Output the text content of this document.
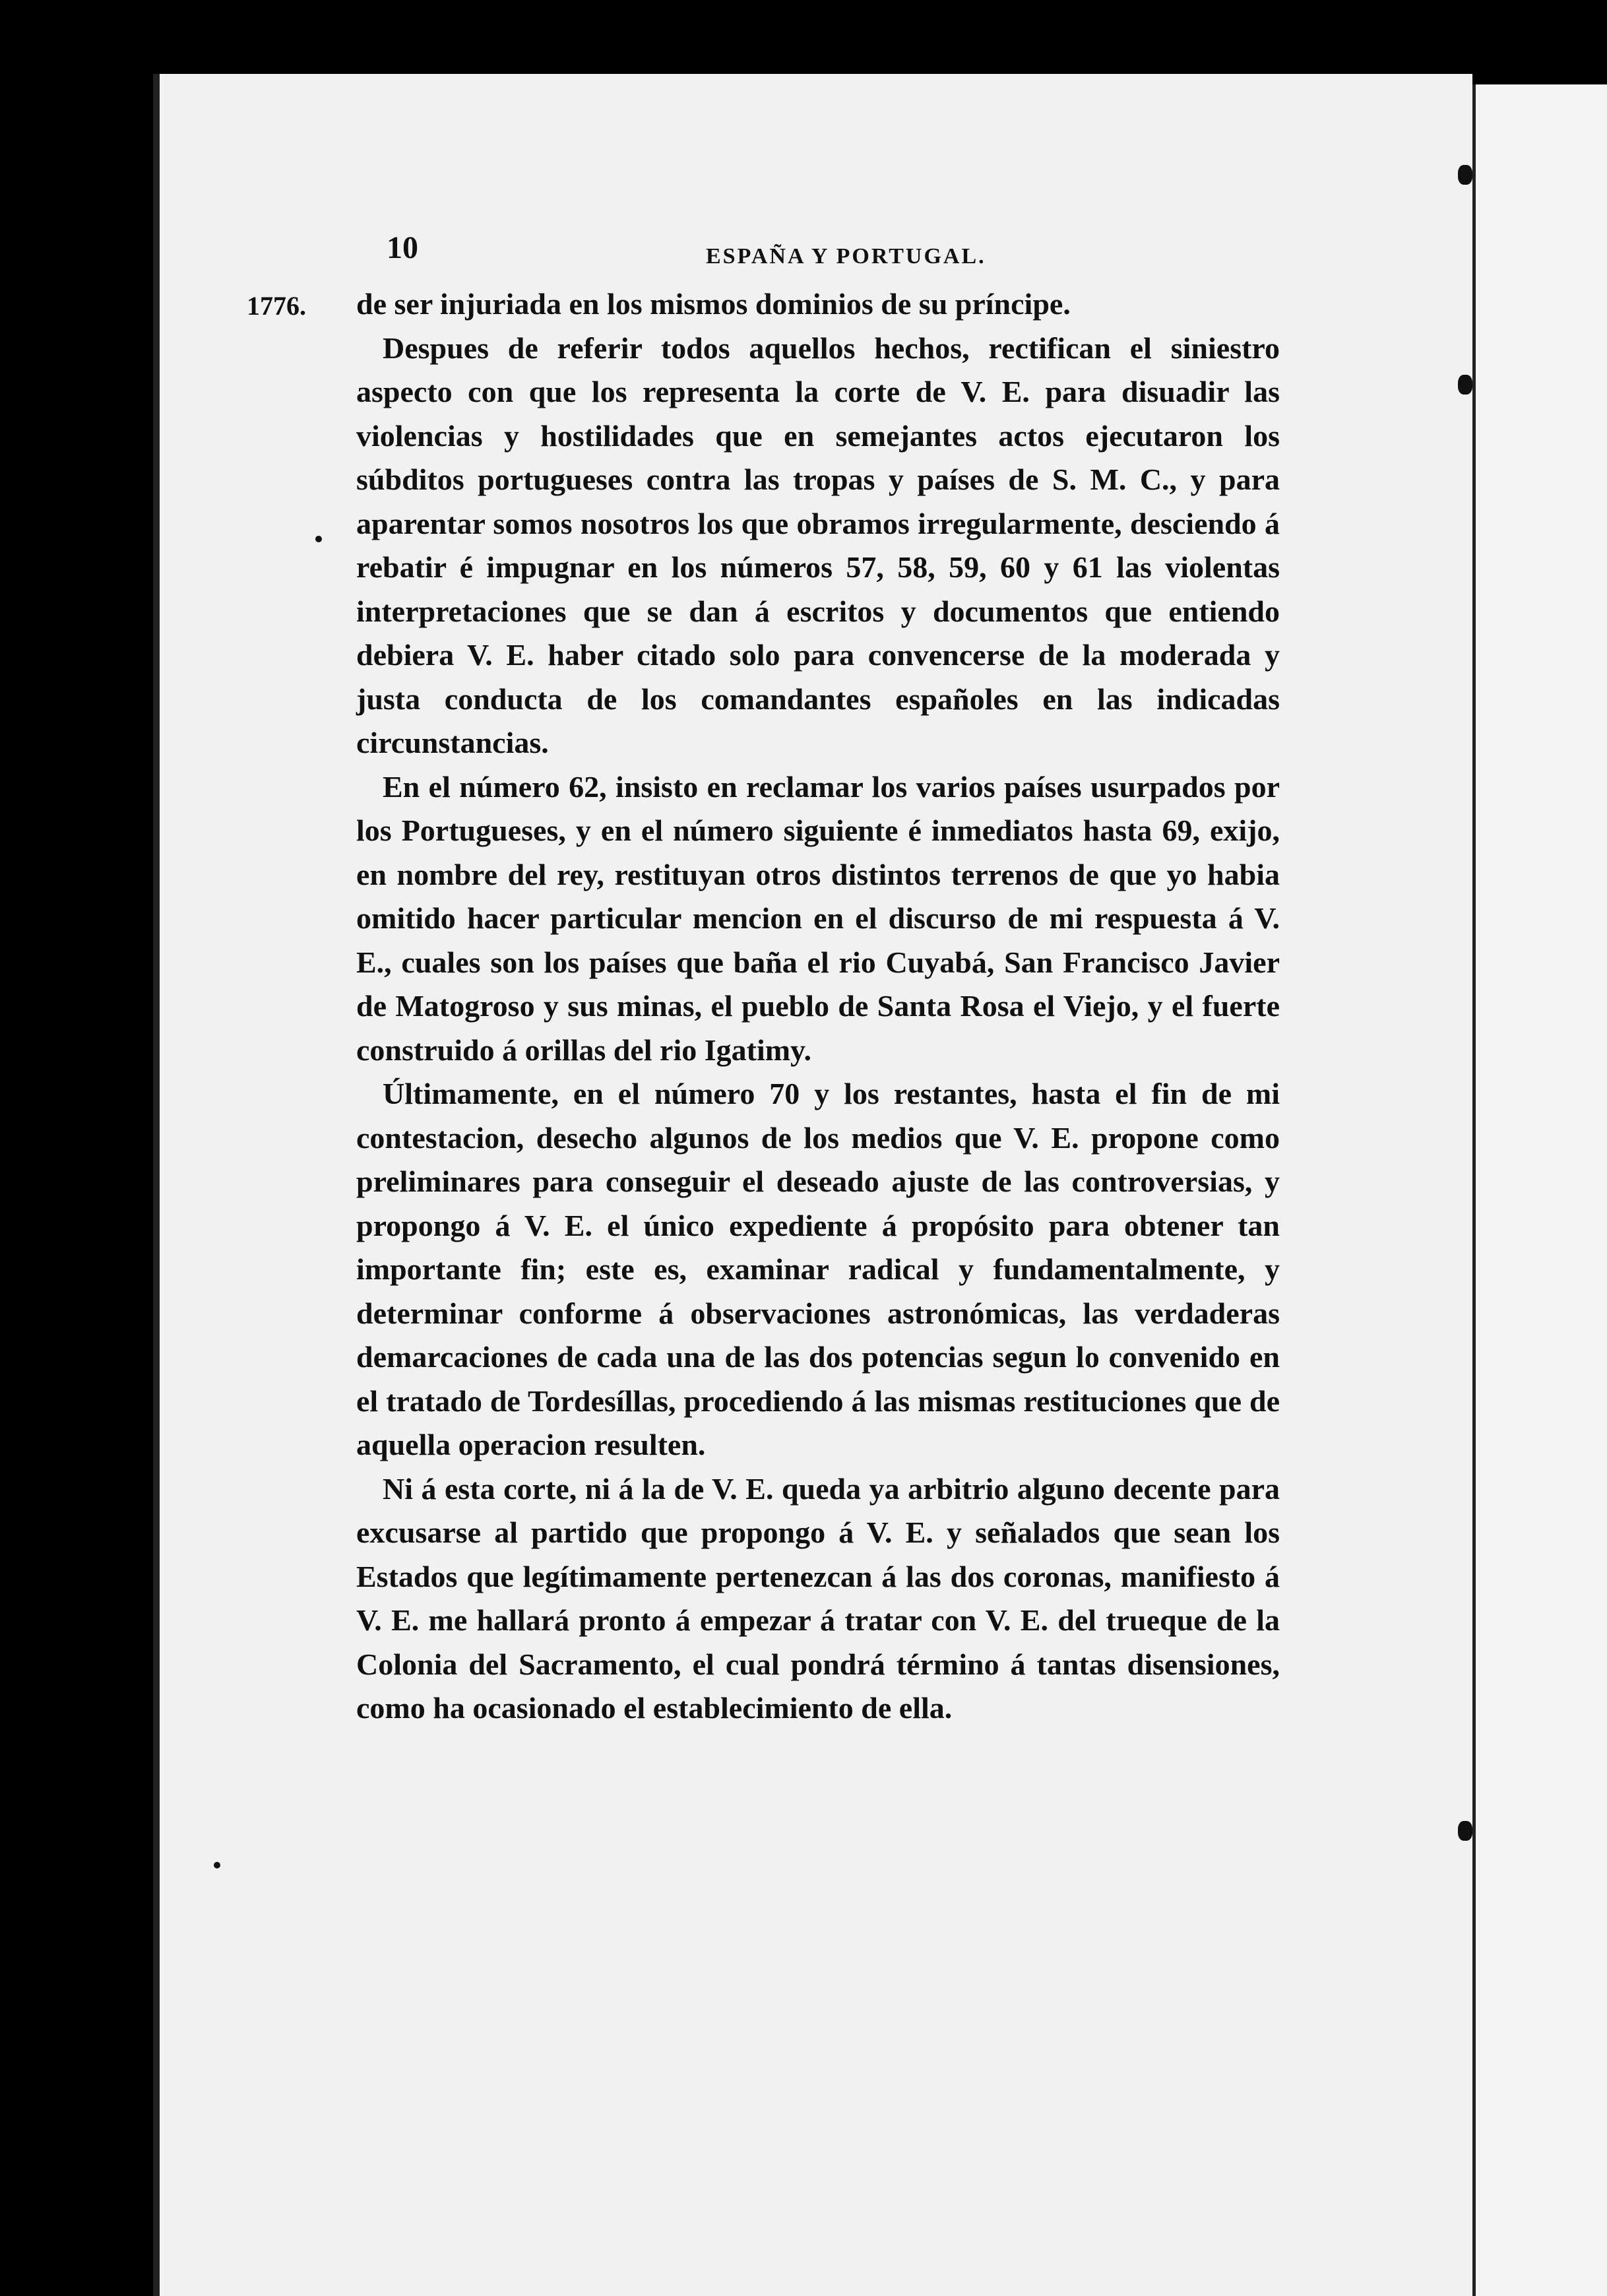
10	ESPAÑA Y PORTUGAL.
1776. de ser injuriada en los mismos dominios de su príncipe.

Despues de referir todos aquellos hechos, rectifican el siniestro aspecto con que los representa la corte de V. E. para disuadir las violencias y hostilidades que en semejantes actos ejecutaron los súbditos portugueses contra las tropas y países de S. M. C., y para aparentar somos nosotros los que obramos irregularmente, desciendo á rebatir é impugnar en los números 57, 58, 59, 60 y 61 las violentas interpretaciones que se dan á escritos y documentos que entiendo debiera V. E. haber citado solo para convencerse de la moderada y justa conducta de los comandantes españoles en las indicadas circunstancias.

En el número 62, insisto en reclamar los varios países usurpados por los Portugueses, y en el número siguiente é inmediatos hasta 69, exijo, en nombre del rey, restituyan otros distintos terrenos de que yo habia omitido hacer particular mencion en el discurso de mi respuesta á V. E., cuales son los países que baña el rio Cuyabá, San Francisco Javier de Matogroso y sus minas, el pueblo de Santa Rosa el Viejo, y el fuerte construido á orillas del rio Igatimy.

Últimamente, en el número 70 y los restantes, hasta el fin de mi contestacion, desecho algunos de los medios que V. E. propone como preliminares para conseguir el deseado ajuste de las controversias, y propongo á V. E. el único expediente á propósito para obtener tan importante fin; este es, examinar radical y fundamentalmente, y determinar conforme á observaciones astronómicas, las verdaderas demarcaciones de cada una de las dos potencias segun lo convenido en el tratado de Tordesíllas, procediendo á las mismas restituciones que de aquella operacion resulten.

Ni á esta corte, ni á la de V. E. queda ya arbitrio alguno decente para excusarse al partido que propongo á V. E. y señalados que sean los Estados que legítimamente pertenezcan á las dos coronas, manifiesto á V. E. me hallará pronto á empezar á tratar con V. E. del trueque de la Colonia del Sacramento, el cual pondrá término á tantas disensiones, como ha ocasionado el establecimiento de ella.
